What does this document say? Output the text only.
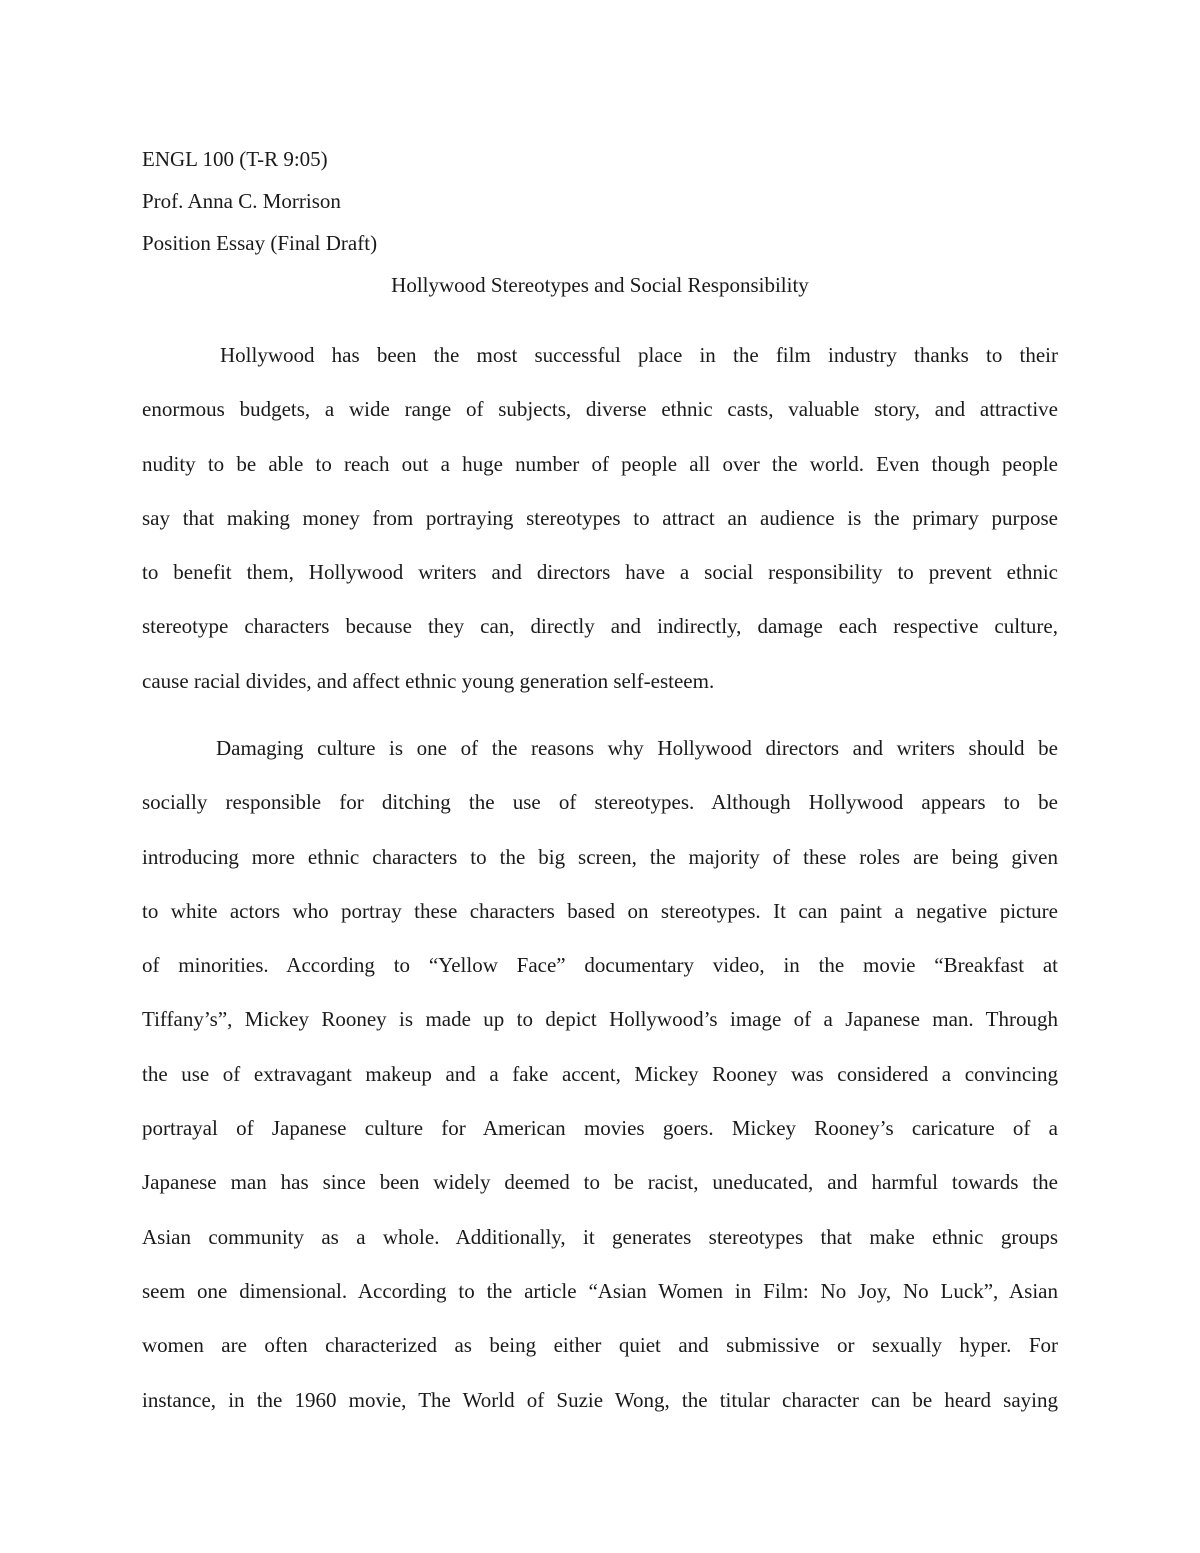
ENGL 100 (T-R 9:05)
Prof. Anna C. Morrison
Position Essay (Final Draft)
Hollywood Stereotypes and Social Responsibility
Hollywood has been the most successful place in the film industry thanks to their
enormous budgets, a wide range of subjects, diverse ethnic casts, valuable story, and attractive
nudity to be able to reach out a huge number of people all over the world. Even though people
say that making money from portraying stereotypes to attract an audience is the primary purpose
to benefit them, Hollywood writers and directors have a social responsibility to prevent ethnic
stereotype characters because they can, directly and indirectly, damage each respective culture,
cause racial divides, and affect ethnic young generation self-esteem.
Damaging culture is one of the reasons why Hollywood directors and writers should be
socially responsible for ditching the use of stereotypes. Although Hollywood appears to be
introducing more ethnic characters to the big screen, the majority of these roles are being given
to white actors who portray these characters based on stereotypes. It can paint a negative picture
of minorities. According to “Yellow Face” documentary video, in the movie “Breakfast at
Tiffany’s”, Mickey Rooney is made up to depict Hollywood’s image of a Japanese man. Through
the use of extravagant makeup and a fake accent, Mickey Rooney was considered a convincing
portrayal of Japanese culture for American movies goers. Mickey Rooney’s caricature of a
Japanese man has since been widely deemed to be racist, uneducated, and harmful towards the
Asian community as a whole. Additionally, it generates stereotypes that make ethnic groups
seem one dimensional. According to the article “Asian Women in Film: No Joy, No Luck”, Asian
women are often characterized as being either quiet and submissive or sexually hyper. For
instance, in the 1960 movie, The World of Suzie Wong, the titular character can be heard saying
